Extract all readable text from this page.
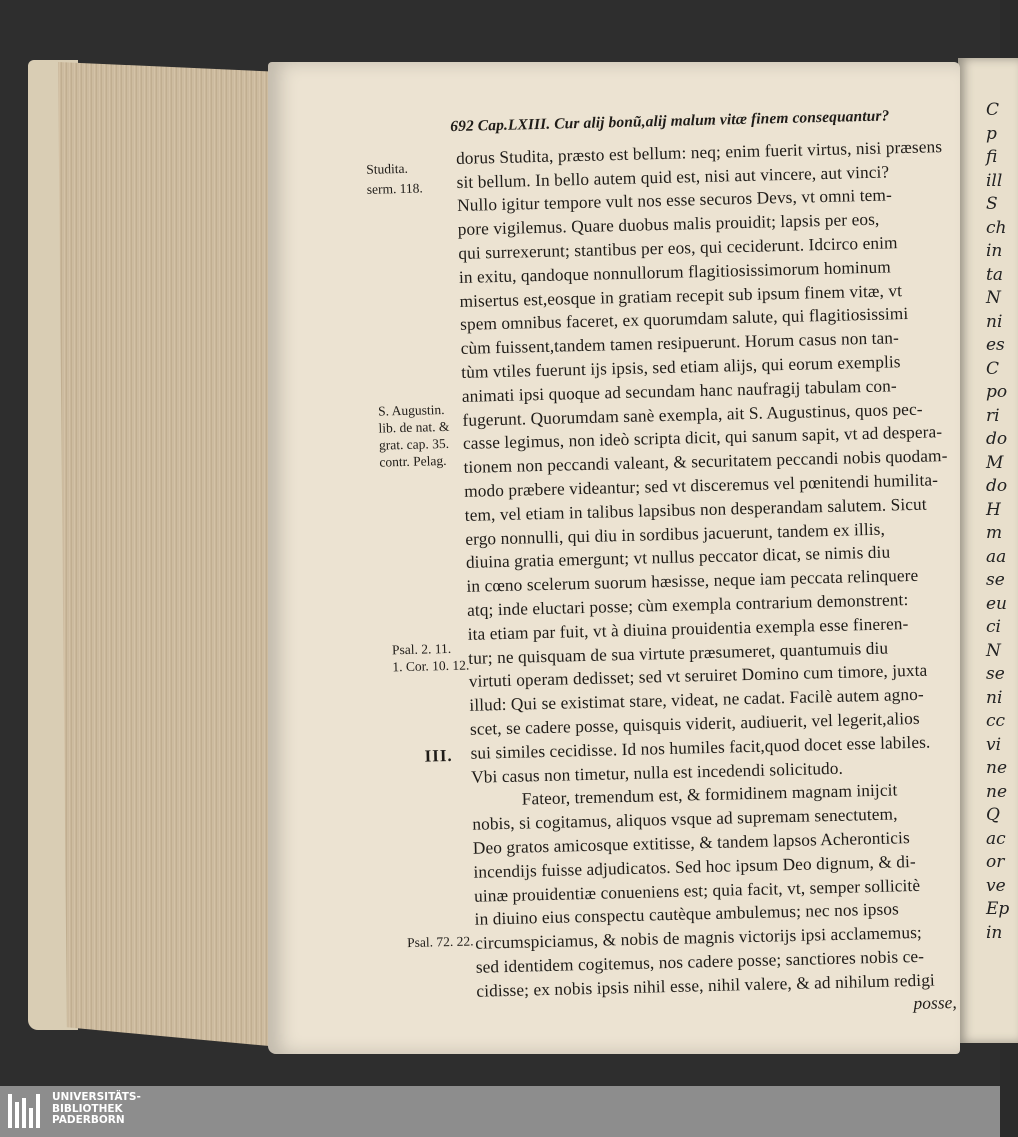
C
p
fi
ill
S
ch
in
ta
N
ni
es
C
po
ri
do
M
do
H
m
aa
se
eu
ci
N
se
ni
cc
vi
ne
ne
Q
ac
or
ve
Ep
in
Studita.
serm. 118.
S. Augustin.
lib. de nat. &
grat. cap. 35.
contr. Pelag.
Psal. 2. 11.
1. Cor. 10. 12.
III.
Psal. 72. 22.
692 Cap.LXIII. Cur alij bonũ,alij malum vitæ finem consequantur?
dorus Studita, præsto est bellum: neq; enim fuerit virtus, nisi præsens
sit bellum. In bello autem quid est, nisi aut vincere, aut vinci?
Nullo igitur tempore vult nos esse securos Devs, vt omni tem-
pore vigilemus. Quare duobus malis prouidit; lapsis per eos,
qui surrexerunt; stantibus per eos, qui ceciderunt. Idcirco enim
in exitu, qandoque nonnullorum flagitiosissimorum hominum
misertus est,eosque in gratiam recepit sub ipsum finem vitæ, vt
spem omnibus faceret, ex quorumdam salute, qui flagitiosissimi
cùm fuissent,tandem tamen resipuerunt. Horum casus non tan-
tùm vtiles fuerunt ijs ipsis, sed etiam alijs, qui eorum exemplis
animati ipsi quoque ad secundam hanc naufragij tabulam con-
fugerunt. Quorumdam sanè exempla, ait S. Augustinus, quos pec-
casse legimus, non ideò scripta dicit, qui sanum sapit, vt ad despera-
tionem non peccandi valeant, & securitatem peccandi nobis quodam-
modo præbere videantur; sed vt disceremus vel pœnitendi humilita-
tem, vel etiam in talibus lapsibus non desperandam salutem. Sicut
ergo nonnulli, qui diu in sordibus jacuerunt, tandem ex illis,
diuina gratia emergunt; vt nullus peccator dicat, se nimis diu
in cœno scelerum suorum hæsisse, neque iam peccata relinquere
atq; inde eluctari posse; cùm exempla contrarium demonstrent:
ita etiam par fuit, vt à diuina prouidentia exempla esse fineren-
tur; ne quisquam de sua virtute præsumeret, quantumuis diu
virtuti operam dedisset; sed vt seruiret Domino cum timore, juxta
illud: Qui se existimat stare, videat, ne cadat. Facilè autem agno-
scet, se cadere posse, quisquis viderit, audiuerit, vel legerit,alios
sui similes cecidisse. Id nos humiles facit,quod docet esse labiles.
Vbi casus non timetur, nulla est incedendi solicitudo.
Fateor, tremendum est, & formidinem magnam inijcit
nobis, si cogitamus, aliquos vsque ad supremam senectutem,
Deo gratos amicosque extitisse, & tandem lapsos Acheronticis
incendijs fuisse adjudicatos. Sed hoc ipsum Deo dignum, & di-
uinæ prouidentiæ conueniens est; quia facit, vt, semper sollicitè
in diuino eius conspectu cautèque ambulemus; nec nos ipsos
circumspiciamus, & nobis de magnis victorijs ipsi acclamemus;
sed identidem cogitemus, nos cadere posse; sanctiores nobis ce-
cidisse; ex nobis ipsis nihil esse, nihil valere, & ad nihilum redigi
posse,
UNIVERSITÄTS-
BIBLIOTHEK
PADERBORN
